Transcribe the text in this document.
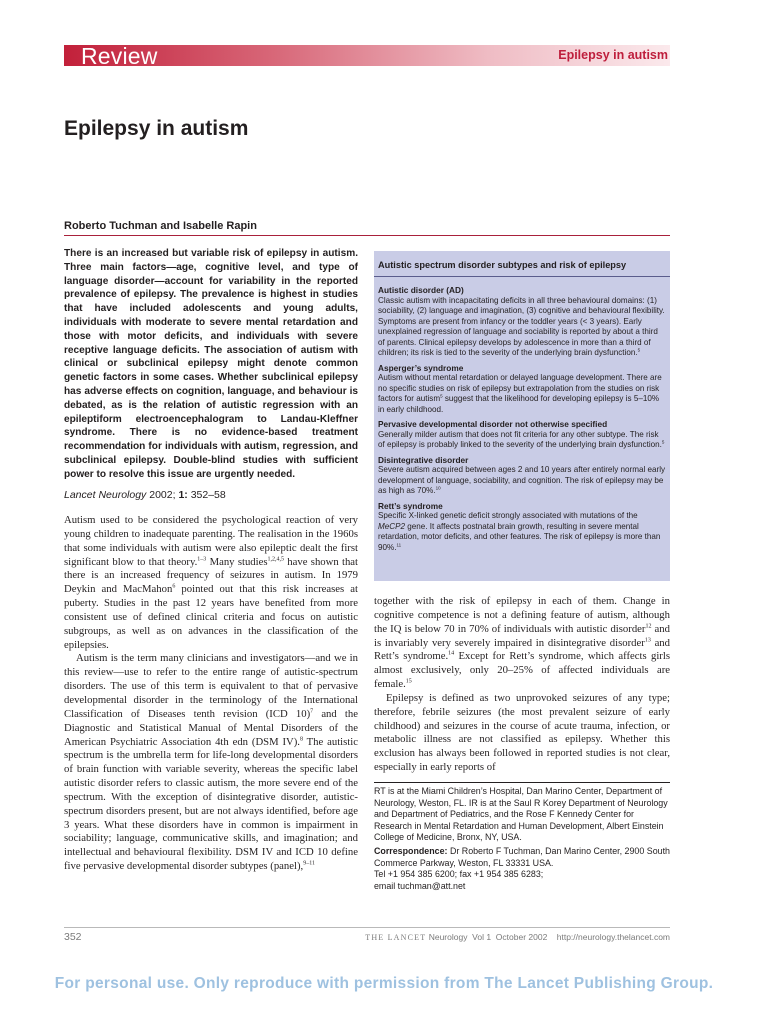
Review	Epilepsy in autism
Epilepsy in autism
Roberto Tuchman and Isabelle Rapin

There is an increased but variable risk of epilepsy in autism. Three main factors—age, cognitive level, and type of language disorder—account for variability in the reported prevalence of epilepsy. The prevalence is highest in studies that have included adolescents and young adults, individuals with moderate to severe mental retardation and those with motor deficits, and individuals with severe receptive language deficits. The association of autism with clinical or subclinical epilepsy might denote common genetic factors in some cases. Whether subclinical epilepsy has adverse effects on cognition, language, and behaviour is debated, as is the relation of autistic regression with an epileptiform electroencephalogram to Landau-Kleffner syndrome. There is no evidence-based treatment recommendation for individuals with autism, regression, and subclinical epilepsy. Double-blind studies with sufficient power to resolve this issue are urgently needed.

Lancet Neurology 2002; 1: 352–58

Autism used to be considered the psychological reaction of very young children to inadequate parenting. The realisation in the 1960s that some individuals with autism were also epileptic dealt the first significant blow to that theory.$^{1-3}$ Many studies$^{1,2,4,5}$ have shown that there is an increased frequency of seizures in autism. In 1979 Deykin and MacMahon$^6$ pointed out that this risk increases at puberty. Studies in the past 12 years have benefited from more consistent use of defined clinical criteria and focus on autistic subgroups, as well as on advances in the classification of the epilepsies.

Autism is the term many clinicians and investigators—and we in this review—use to refer to the entire range of autistic-spectrum disorders. The use of this term is equivalent to that of pervasive developmental disorder in the terminology of the International Classification of Diseases tenth revision (ICD 10)$^7$ and the Diagnostic and Statistical Manual of Mental Disorders of the American Psychiatric Association 4th edn (DSM IV).$^8$ The autistic spectrum is the umbrella term for life-long developmental disorders of brain function with variable severity, whereas the specific label autistic disorder refers to classic autism, the more severe end of the spectrum. With the exception of disintegrative disorder, autistic-spectrum disorders present, but are not always identified, before age 3 years. What these disorders have in common is impairment in sociability; language, communicative skills, and imagination; and intellectual and behavioural flexibility. DSM IV and ICD 10 define five pervasive developmental disorder subtypes (panel),$^{9-11}$

Autistic spectrum disorder subtypes and risk of epilepsy

Autistic disorder (AD)

Classic autism with incapacitating deficits in all three behavioural domains: (1) sociability, (2) language and imagination, (3) cognitive and behavioural flexibility. Symptoms are present from infancy or the toddler years (< 3 years). Early unexplained regression of language and sociability is reported by about a third of parents. Clinical epilepsy develops by adolescence in more than a third of children; its risk is tied to the severity of the underlying brain dysfunction.$^5$

Asperger’s syndrome

Autism without mental retardation or delayed language development. There are no specific studies on risk of epilepsy but extrapolation from the studies on risk factors for autism$^5$ suggest that the likelihood for developing epilepsy is 5–10% in early childhood.

Pervasive developmental disorder not otherwise specified

Generally milder autism that does not fit criteria for any other subtype. The risk of epilepsy is probably linked to the severity of the underlying brain dysfunction.$^5$

Disintegrative disorder

Severe autism acquired between ages 2 and 10 years after entirely normal early development of language, sociability, and cognition. The risk of epilepsy may be as high as 70%.$^{10}$

Rett’s syndrome

Specific X-linked genetic deficit strongly associated with mutations of the MeCP2 gene. It affects postnatal brain growth, resulting in severe mental retardation, motor deficits, and other features. The risk of epilepsy is more than 90%.$^{11}$

together with the risk of epilepsy in each of them. Change in cognitive competence is not a defining feature of autism, although the IQ is below 70 in 70% of individuals with autistic disorder$^{12}$ and is invariably very severely impaired in disintegrative disorder$^{13}$ and Rett’s syndrome.$^{14}$ Except for Rett’s syndrome, which affects girls almost exclusively, only 20–25% of affected individuals are female.$^{15}$

Epilepsy is defined as two unprovoked seizures of any type; therefore, febrile seizures (the most prevalent seizure of early childhood) and seizures in the course of acute trauma, infection, or metabolic illness are not classified as epilepsy. Whether this exclusion has always been followed in reported studies is not clear, especially in early reports of

RT is at the Miami Children’s Hospital, Dan Marino Center, Department of Neurology, Weston, FL. IR is at the Saul R Korey Department of Neurology and Department of Pediatrics, and the Rose F Kennedy Center for Research in Mental Retardation and Human Development, Albert Einstein College of Medicine, Bronx, NY, USA.

Correspondence: Dr Roberto F Tuchman, Dan Marino Center, 2900 South Commerce Parkway, Weston, FL 33331 USA.

Tel +1 954 385 6200; fax +1 954 385 6283;

email tuchman@att.net

352	THE LANCET Neurology  Vol 1  October 2002    http://neurology.thelancet.com
For personal use. Only reproduce with permission from The Lancet Publishing Group.
